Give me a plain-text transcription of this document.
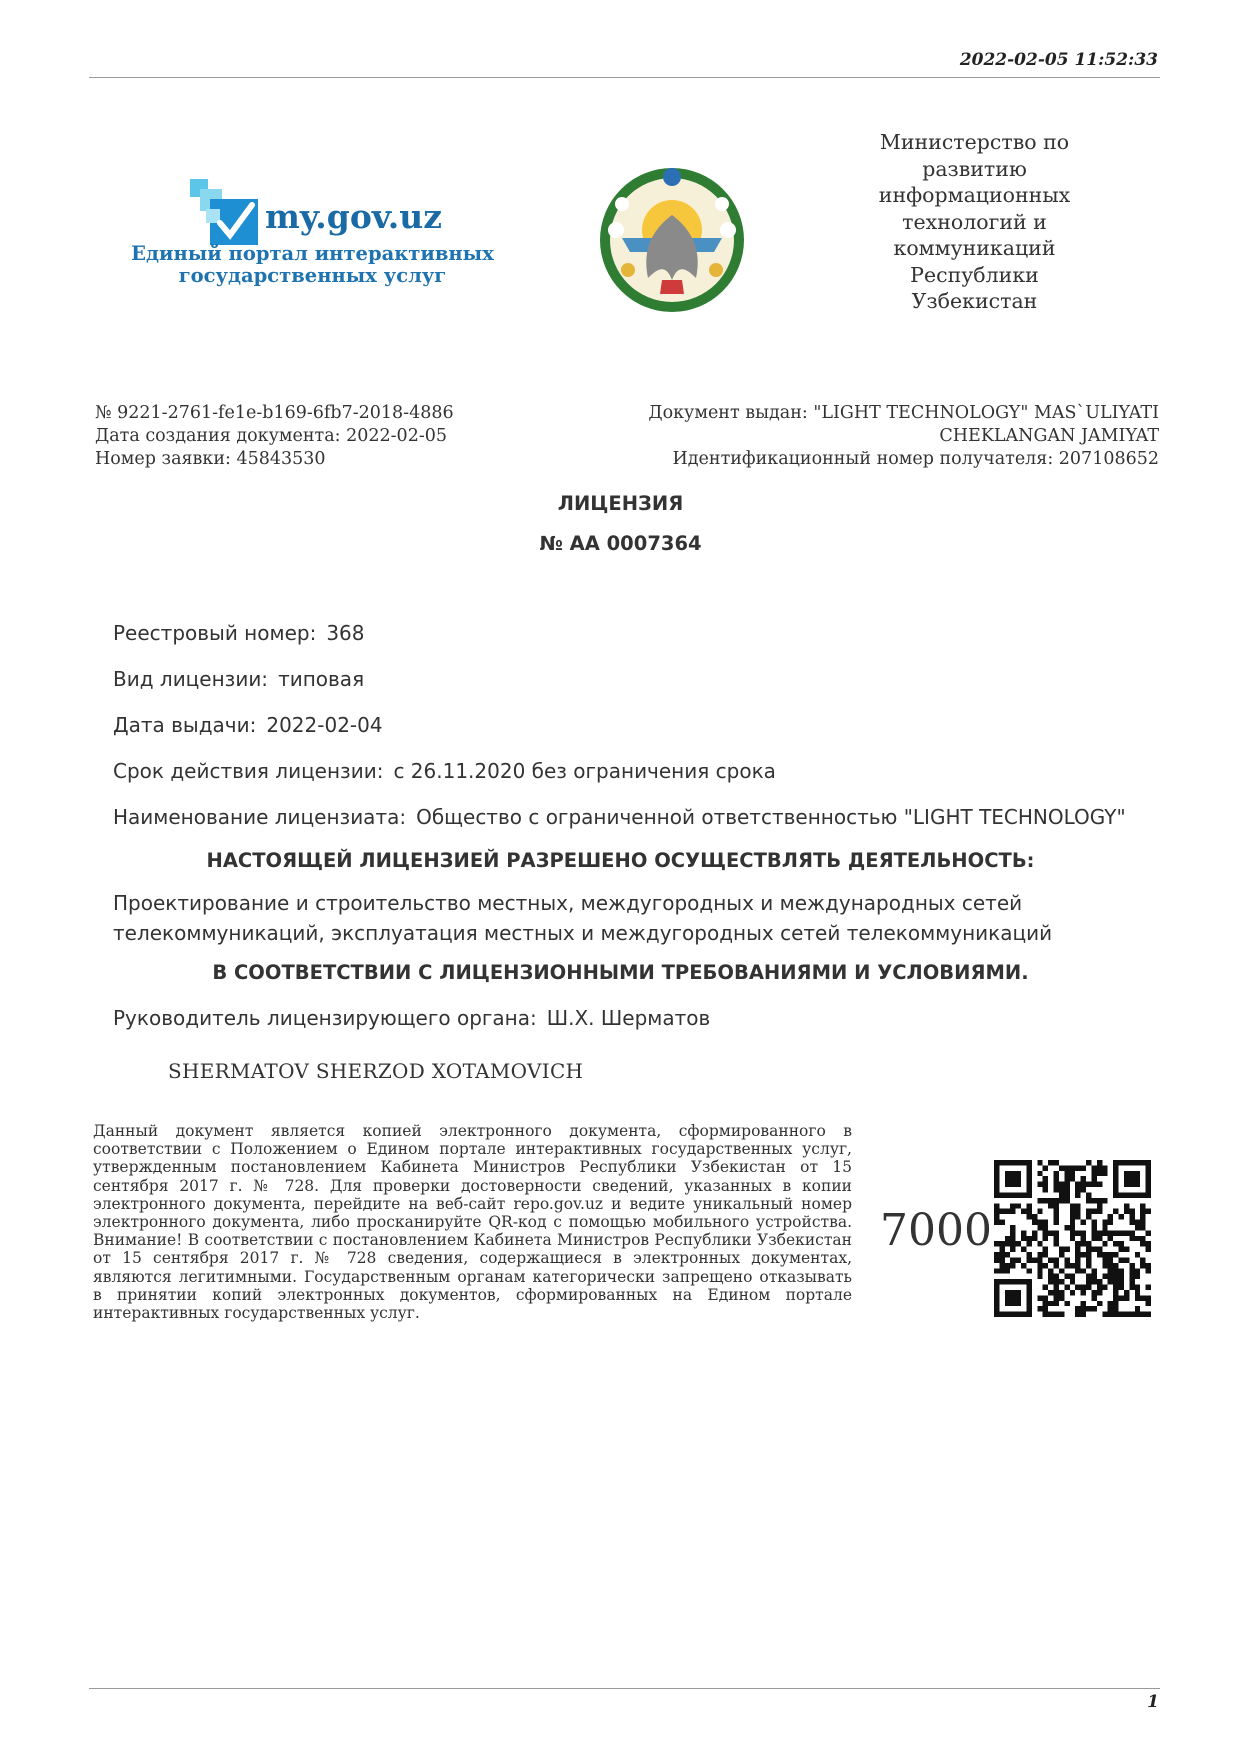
2022-02-05 11:52:33
my.gov.uz
Единый портал интерактивных
государственных услуг
Министерство по
развитию
информационных
технологий и
коммуникаций
Республики
Узбекистан
№ 9221-2761-fe1e-b169-6fb7-2018-4886
Дата создания документа: 2022-02-05
Номер заявки: 45843530
Документ выдан: "LIGHT TECHNOLOGY" MAS`ULIYATI
CHEKLANGAN JAMIYAT
Идентификационный номер получателя: 207108652
ЛИЦЕНЗИЯ
№ АА 0007364
Реестровый номер: 368
Вид лицензии: типовая
Дата выдачи: 2022-02-04
Срок действия лицензии: с 26.11.2020 без ограничения срока
Наименование лицензиата: Общество с ограниченной ответственностью "LIGHT TECHNOLOGY"
НАСТОЯЩЕЙ ЛИЦЕНЗИЕЙ РАЗРЕШЕНО ОСУЩЕСТВЛЯТЬ ДЕЯТЕЛЬНОСТЬ:
Проектирование и строительство местных, междугородных и международных сетей
телекоммуникаций, эксплуатация местных и междугородных сетей телекоммуникаций
В СООТВЕТСТВИИ С ЛИЦЕНЗИОННЫМИ ТРЕБОВАНИЯМИ И УСЛОВИЯМИ.
Руководитель лицензирующего органа: Ш.Х. Шерматов
SHERMATOV SHERZOD XOTAMOVICH
Данный документ является копией электронного документа, сформированного в соответствии с Положением о Едином портале интерактивных государственных услуг, утвержденным постановлением Кабинета Министров Республики Узбекистан от 15 сентября 2017 г. № 728. Для проверки достоверности сведений, указанных в копии электронного документа, перейдите на веб-сайт repo.gov.uz и ведите уникальный номер электронного документа, либо просканируйте QR-код с помощью мобильного устройства. Внимание! В соответствии с постановлением Кабинета Министров Республики Узбекистан от 15 сентября 2017 г. № 728 сведения, содержащиеся в электронных документах, являются легитимными. Государственным органам категорически запрещено отказывать в принятии копий электронных документов, сформированных на Едином портале интерактивных государственных услуг.
7000
1
